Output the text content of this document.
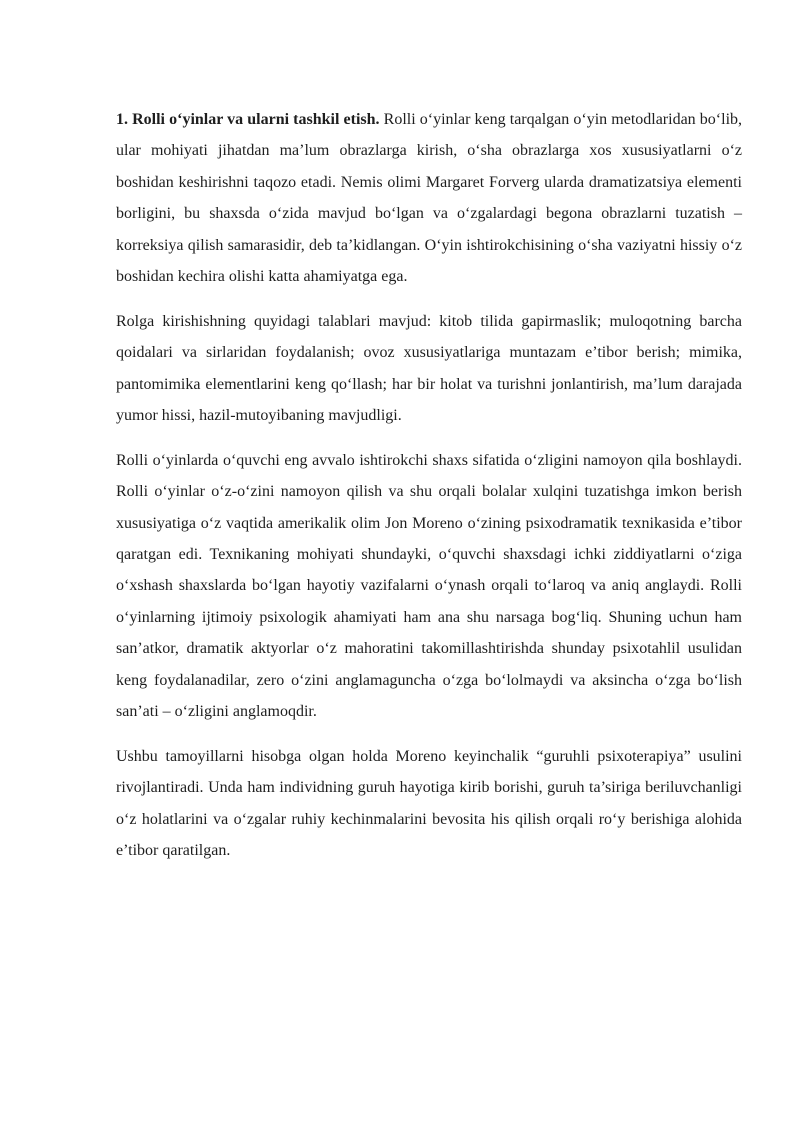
1. Rolli o‘yinlar va ularni tashkil etish. Rolli o‘yinlar keng tarqalgan o‘yin metodlaridan bo‘lib, ular mohiyati jihatdan ma’lum obrazlarga kirish, o‘sha obrazlarga xos xususiyatlarni o‘z boshidan keshirishni taqozo etadi. Nemis olimi Margaret Forverg ularda dramatizatsiya elementi borligini, bu shaxsda o‘zida mavjud bo‘lgan va o‘zgalardagi begona obrazlarni tuzatish – korreksiya qilish samarasidir, deb ta’kidlangan. O‘yin ishtirokchisining o‘sha vaziyatni hissiy o‘z boshidan kechira olishi katta ahamiyatga ega.

Rolga kirishishning quyidagi talablari mavjud: kitob tilida gapirmaslik; muloqotning barcha qoidalari va sirlaridan foydalanish; ovoz xususiyatlariga muntazam e’tibor berish; mimika, pantomimika elementlarini keng qo‘llash; har bir holat va turishni jonlantirish, ma’lum darajada yumor hissi, hazil-mutoyibaning mavjudligi.

Rolli o‘yinlarda o‘quvchi eng avvalo ishtirokchi shaxs sifatida o‘zligini namoyon qila boshlaydi. Rolli o‘yinlar o‘z-o‘zini namoyon qilish va shu orqali bolalar xulqini tuzatishga imkon berish xususiyatiga o‘z vaqtida amerikalik olim Jon Moreno o‘zining psixodramatik texnikasida e’tibor qaratgan edi. Texnikaning mohiyati shundayki, o‘quvchi shaxsdagi ichki ziddiyatlarni o‘ziga o‘xshash shaxslarda bo‘lgan hayotiy vazifalarni o‘ynash orqali to‘laroq va aniq anglaydi. Rolli o‘yinlarning ijtimoiy psixologik ahamiyati ham ana shu narsaga bog‘liq. Shuning uchun ham san’atkor, dramatik aktyorlar o‘z mahoratini takomillashtirishda shunday psixotahlil usulidan keng foydalanadilar, zero o‘zini anglamaguncha o‘zga bo‘lolmaydi va aksincha o‘zga bo‘lish san’ati – o‘zligini anglamoqdir.

Ushbu tamoyillarni hisobga olgan holda Moreno keyinchalik “guruhli psixoterapiya” usulini rivojlantiradi. Unda ham individning guruh hayotiga kirib borishi, guruh ta’siriga beriluvchanligi o‘z holatlarini va o‘zgalar ruhiy kechinmalarini bevosita his qilish orqali ro‘y berishiga alohida e’tibor qaratilgan.
